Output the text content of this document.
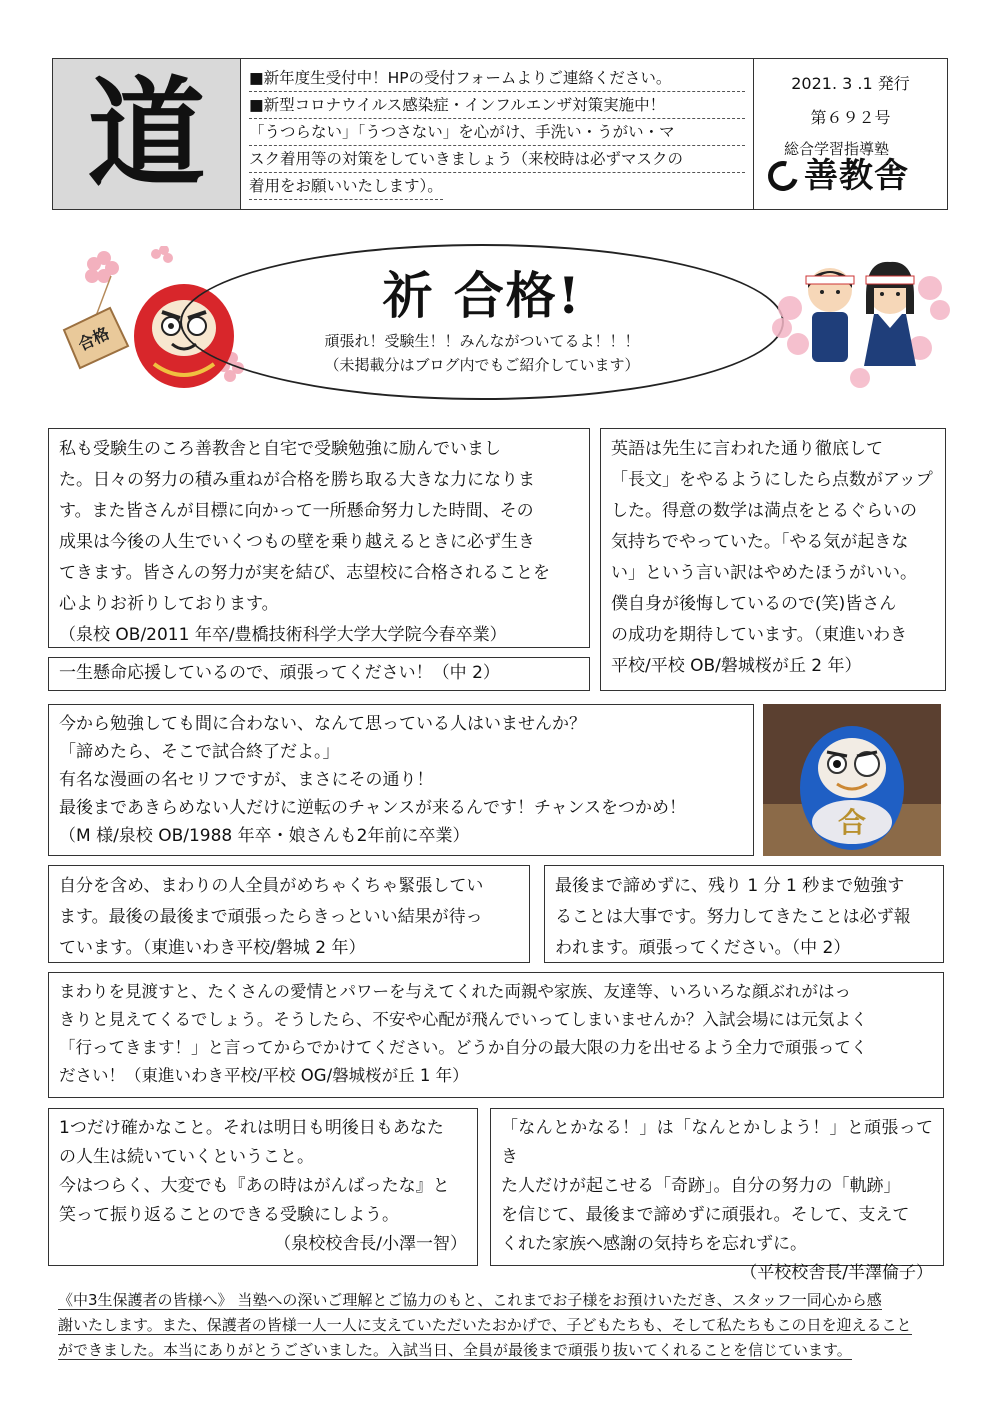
道	■新年度生受付中！HPの受付フォームよりご連絡ください。

■新型コロナウイルス感染症・インフルエンザ対策実施中！

「うつらない」「うつさない」を心がけ、手洗い・うがい・マ

スク着用等の対策をしていきましょう（来校時は必ずマスクの

着用をお願いいたします）。

2021. 3 .1 発行
第６９２号
総合学習指導塾
善教舎
合格
祈 合格!
頑張れ！受験生！！みんながついてるよ！！！
（未掲載分はブログ内でもご紹介しています）

私も受験生のころ善教舎と自宅で受験勉強に励んでいまし

た。日々の努力の積み重ねが合格を勝ち取る大きな力になりま

す。また皆さんが目標に向かって一所懸命努力した時間、その

成果は今後の人生でいくつもの壁を乗り越えるときに必ず生き

てきます。皆さんの努力が実を結び、志望校に合格されることを

心よりお祈りしております。

（泉校 OB/2011 年卒/豊橋技術科学大学大学院今春卒業）

一生懸命応援しているので、頑張ってください！（中 2）

英語は先生に言われた通り徹底して

「長文」をやるようにしたら点数がアップ

した。得意の数学は満点をとるぐらいの

気持ちでやっていた。「やる気が起きな

い」という言い訳はやめたほうがいい。

僕自身が後悔しているので(笑)皆さん

の成功を期待しています。（東進いわき

平校/平校 OB/磐城桜が丘 2 年）

今から勉強しても間に合わない、なんて思っている人はいませんか？

「諦めたら、そこで試合終了だよ。」

有名な漫画の名セリフですが、まさにその通り！

最後まであきらめない人だけに逆転のチャンスが来るんです！チャンスをつかめ！

（M 様/泉校 OB/1988 年卒・娘さんも2年前に卒業）	合

自分を含め、まわりの人全員がめちゃくちゃ緊張してい

ます。最後の最後まで頑張ったらきっといい結果が待っ

ています。（東進いわき平校/磐城 2 年）

最後まで諦めずに、残り 1 分 1 秒まで勉強す

ることは大事です。努力してきたことは必ず報

われます。頑張ってください。（中 2）

まわりを見渡すと、たくさんの愛情とパワーを与えてくれた両親や家族、友達等、いろいろな顔ぶれがはっ

きりと見えてくるでしょう。そうしたら、不安や心配が飛んでいってしまいませんか？入試会場には元気よく

「行ってきます！」と言ってからでかけてください。どうか自分の最大限の力を出せるよう全力で頑張ってく

ださい！（東進いわき平校/平校 OG/磐城桜が丘 1 年）

1つだけ確かなこと。それは明日も明後日もあなた

の人生は続いていくということ。

今はつらく、大変でも『あの時はがんばったな』と

笑って振り返ることのできる受験にしよう。

（泉校校舎長/小澤一智）

「なんとかなる！」は「なんとかしよう！」と頑張ってき

た人だけが起こせる「奇跡」。自分の努力の「軌跡」

を信じて、最後まで諦めずに頑張れ。そして、支えて

くれた家族へ感謝の気持ちを忘れずに。

（平校校舎長/半澤倫子）

《中3生保護者の皆様へ》 当塾への深いご理解とご協力のもと、これまでお子様をお預けいただき、スタッフ一同心から感
謝いたします。また、保護者の皆様一人一人に支えていただいたおかげで、子どもたちも、そして私たちもこの日を迎えること
ができました。本当にありがとうございました。入試当日、全員が最後まで頑張り抜いてくれることを信じています。
